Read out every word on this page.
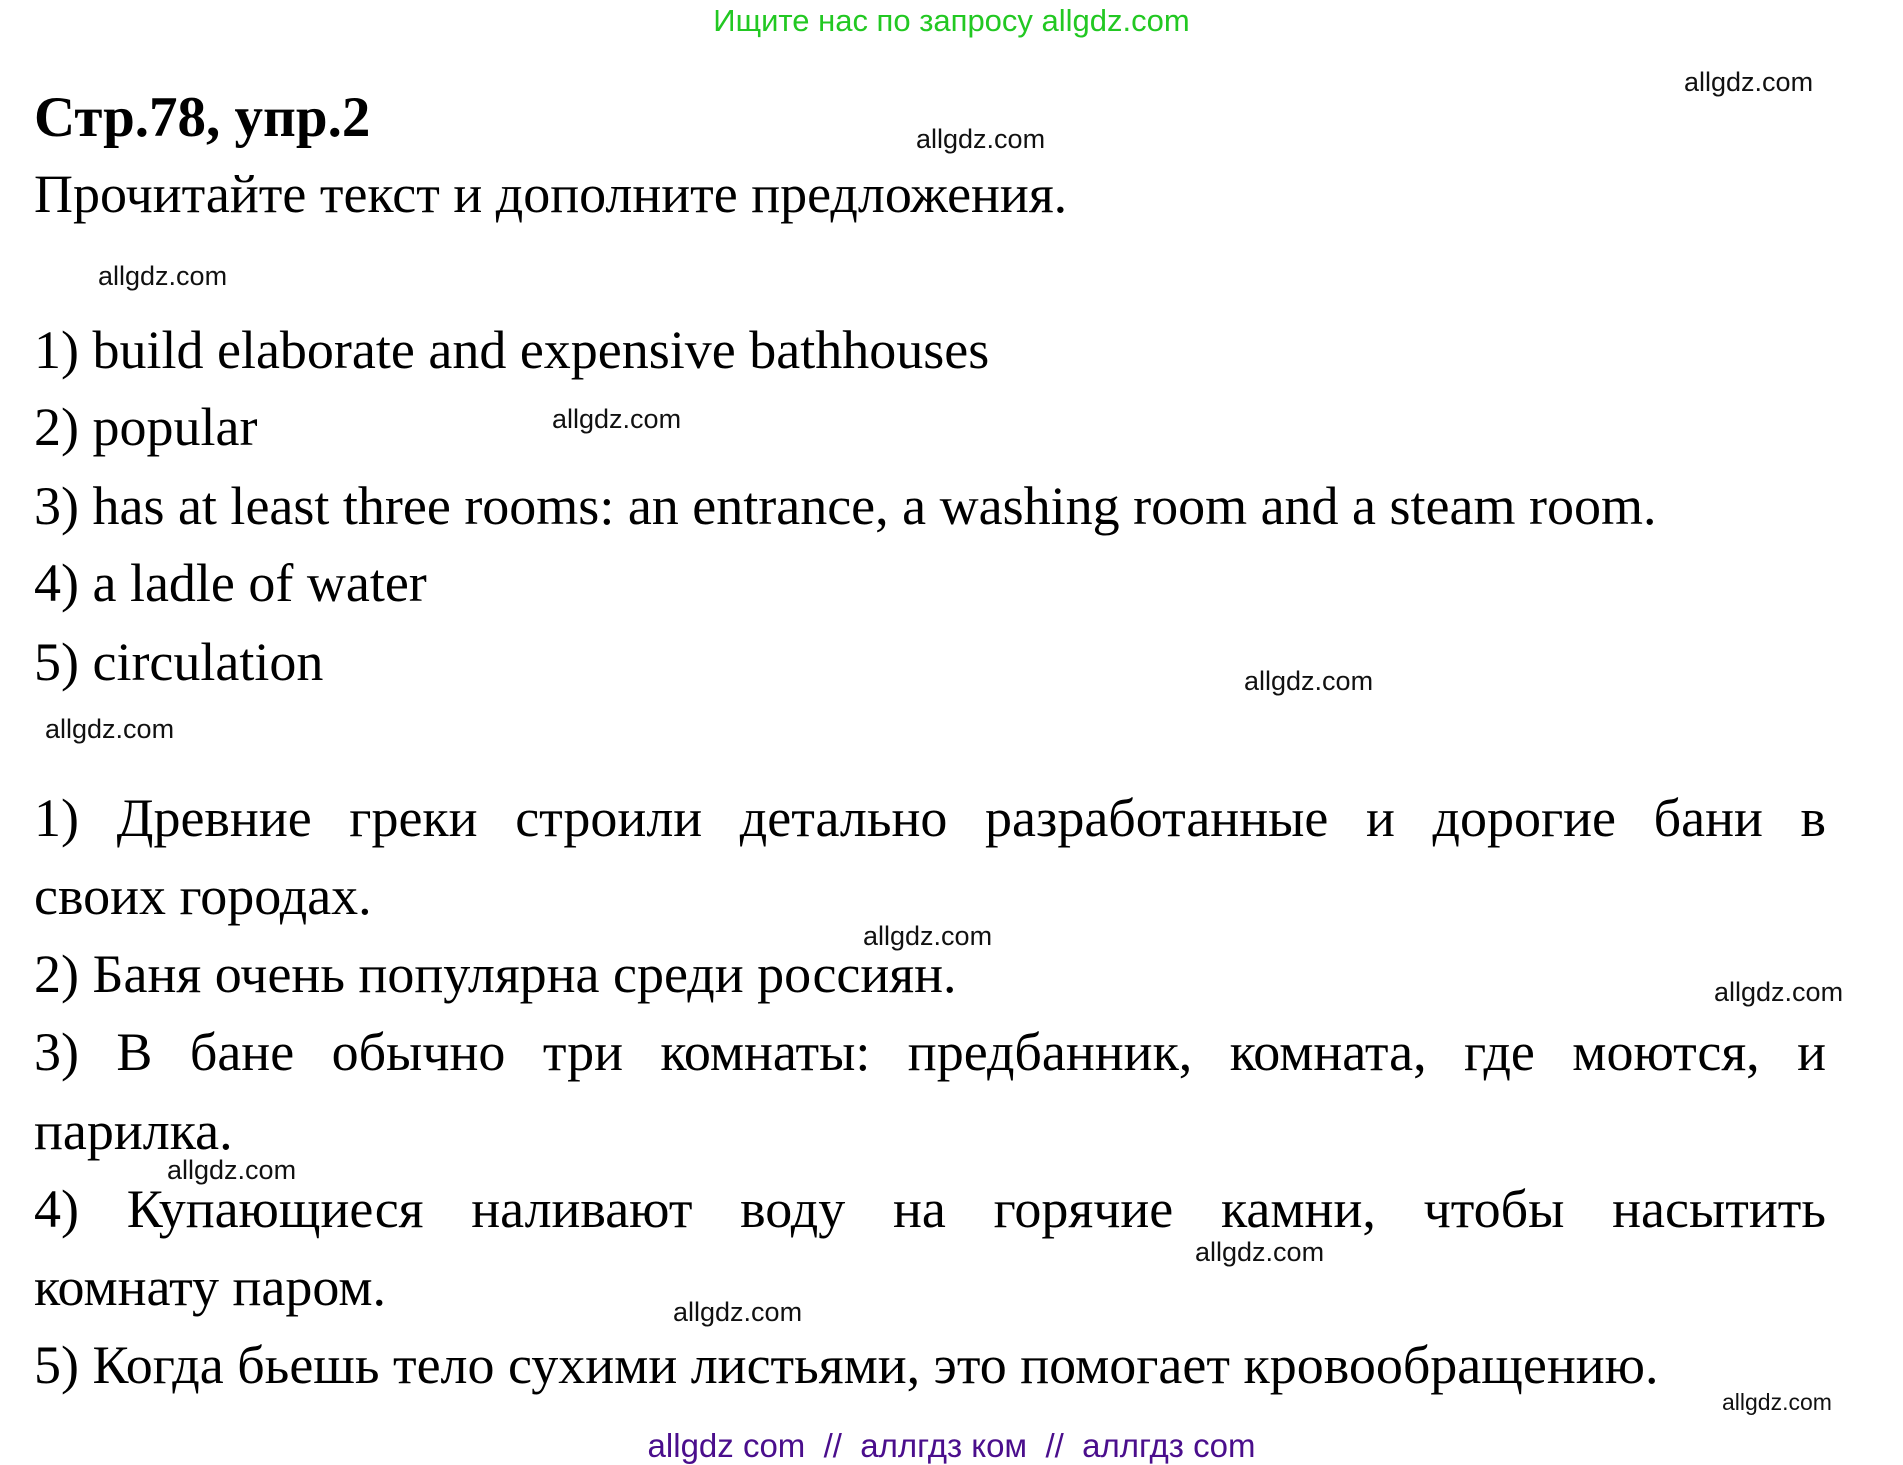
Ищите нас по запросу allgdz.com
allgdz.com
Стр.78, упр.2	allgdz.com
Прочитайте текст и дополните предложения.
allgdz.com
1) build elaborate and expensive bathhouses
2) popular
3) has at least three rooms: an entrance, a washing room and a steam room.
4) a ladle of water
5) circulation
allgdz.com
allgdz.com
allgdz.com
1) Древние греки строили детально разработанные и дорогие бани в
своих городах.
2) Баня очень популярна среди россиян.
3) В бане обычно три комнаты: предбанник, комната, где моются, и
парилка.
4) Купающиеся наливают воду на горячие камни, чтобы насытить
комнату паром.
5) Когда бьешь тело сухими листьями, это помогает кровообращению.
allgdz.com
allgdz.com
allgdz.com
allgdz.com
allgdz.com
allgdz.com
allgdz com  //  аллгдз ком  //  аллгдз com
